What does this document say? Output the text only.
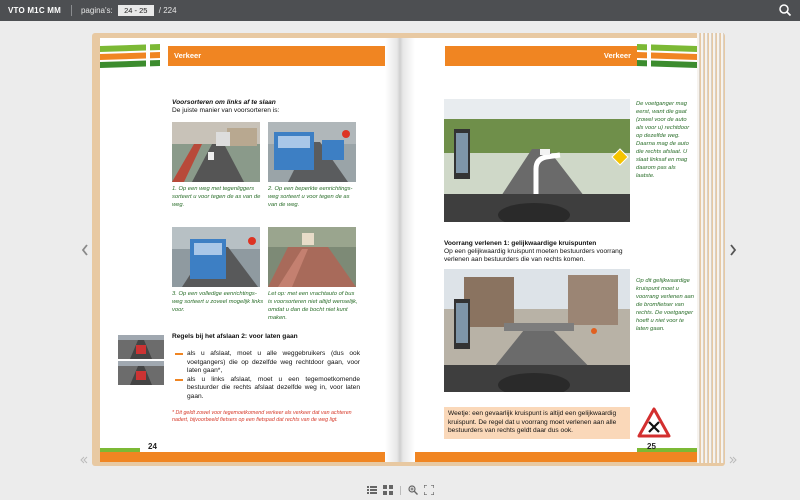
VTO M1C MM	pagina's:
24 - 25	/ 224
Verkeer
Voorsorteren om links af te slaan
De juiste manier van voorsorteren is:
1. Op een weg met tegenliggers sorteert u voor tegen de as van de weg.
2. Op een beperkte eenrichtings-weg sorteert u voor tegen de as van de weg.
3. Op een volledige eenrichtings-weg sorteert u zoveel mogelijk links voor.
Let op: met een vrachtauto of bus is voorsorteren niet altijd wenselijk, omdat u dan de bocht niet kunt maken.
Regels bij het afslaan 2: voor laten gaan
als u afslaat, moet u alle weggebruikers (dus ook voetgangers) die op dezelfde weg rechtdoor gaan, voor laten gaan*,
als u links afslaat, moet u een tegemoetkomende bestuurder die rechts afslaat dezelfde weg in, voor laten gaan.
* Dit geldt zowel voor tegemoetkomend verkeer als verkeer dat van achteren nadert, bijvoorbeeld fietsers op een fietspad dat rechts van de weg ligt.
24
Verkeer
De voetganger mag eerst, want die gaat (zowel voor de auto als voor u) rechtdoor op dezelfde weg. Daarna mag de auto die rechts afslaat. U slaat linksaf en mag daarom pas als laatste.
Voorrang verlenen 1: gelijkwaardige kruispunten
Op een gelijkwaardig kruispunt moeten bestuurders voorrang verlenen aan bestuurders die van rechts komen.
Op dit gelijkwaardige kruispunt moet u voorrang verlenen aan de bromfietser van rechts. De voetganger hoeft u niet voor te laten gaan.
Weetje: een gevaarlijk kruispunt is altijd een gelijkwaardig kruispunt. De regel dat u voorrang moet verlenen aan alle bestuurders van rechts geldt daar dus ook.
25
